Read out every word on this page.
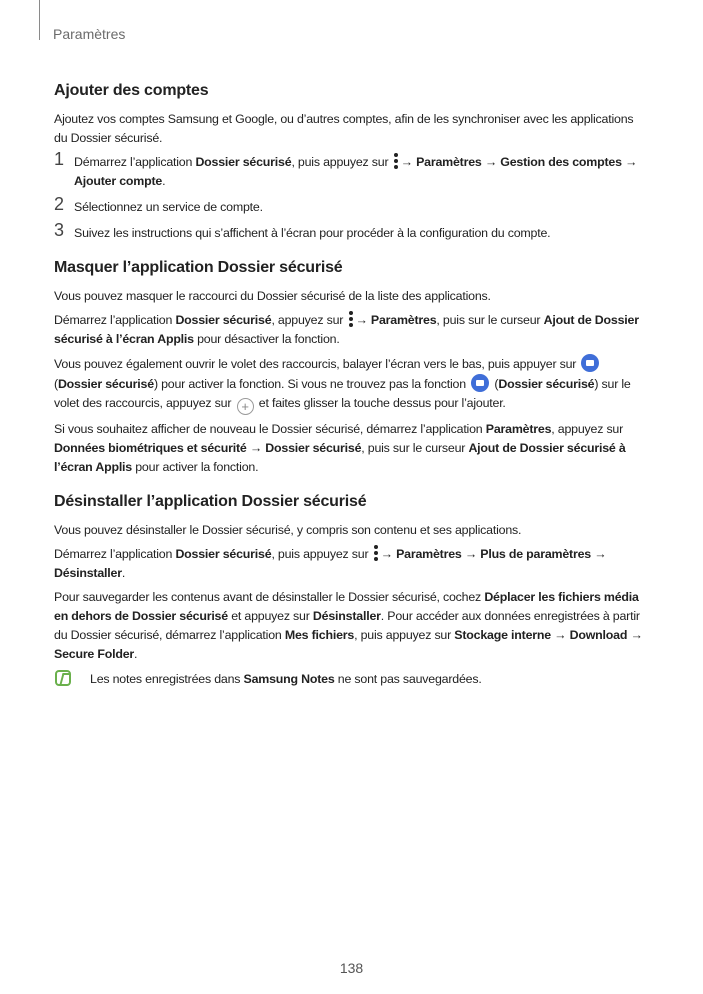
Paramètres
Ajouter des comptes

Ajoutez vos comptes Samsung et Google, ou d’autres comptes, afin de les synchroniser avec les applications du Dossier sécurisé.

1 Démarrez l’application Dossier sécurisé, puis appuyez sur
→ Paramètres → Gestion des comptes → Ajouter compte.
2 Sélectionnez un service de compte.
3 Suivez les instructions qui s’affichent à l’écran pour procéder à la configuration du compte.
Masquer l’application Dossier sécurisé

Vous pouvez masquer le raccourci du Dossier sécurisé de la liste des applications.

Démarrez l’application Dossier sécurisé, appuyez sur
→ Paramètres, puis sur le curseur Ajout de Dossier sécurisé à l’écran Applis pour désactiver la fonction.

Vous pouvez également ouvrir le volet des raccourcis, balayer l’écran vers le bas, puis appuyer sur  (Dossier sécurisé) pour activer la fonction. Si vous ne trouvez pas la fonction  (Dossier sécurisé) sur le volet des raccourcis, appuyez sur + et faites glisser la touche dessus pour l’ajouter.

Si vous souhaitez afficher de nouveau le Dossier sécurisé, démarrez l’application Paramètres, appuyez sur Données biométriques et sécurité → Dossier sécurisé, puis sur le curseur Ajout de Dossier sécurisé à l’écran Applis pour activer la fonction.

Désinstaller l’application Dossier sécurisé

Vous pouvez désinstaller le Dossier sécurisé, y compris son contenu et ses applications.

Démarrez l’application Dossier sécurisé, puis appuyez sur
→ Paramètres → Plus de paramètres → Désinstaller.

Pour sauvegarder les contenus avant de désinstaller le Dossier sécurisé, cochez Déplacer les fichiers média en dehors de Dossier sécurisé et appuyez sur Désinstaller. Pour accéder aux données enregistrées à partir du Dossier sécurisé, démarrez l’application Mes fichiers, puis appuyez sur Stockage interne → Download → Secure Folder.

Les notes enregistrées dans Samsung Notes ne sont pas sauvegardées.
138
